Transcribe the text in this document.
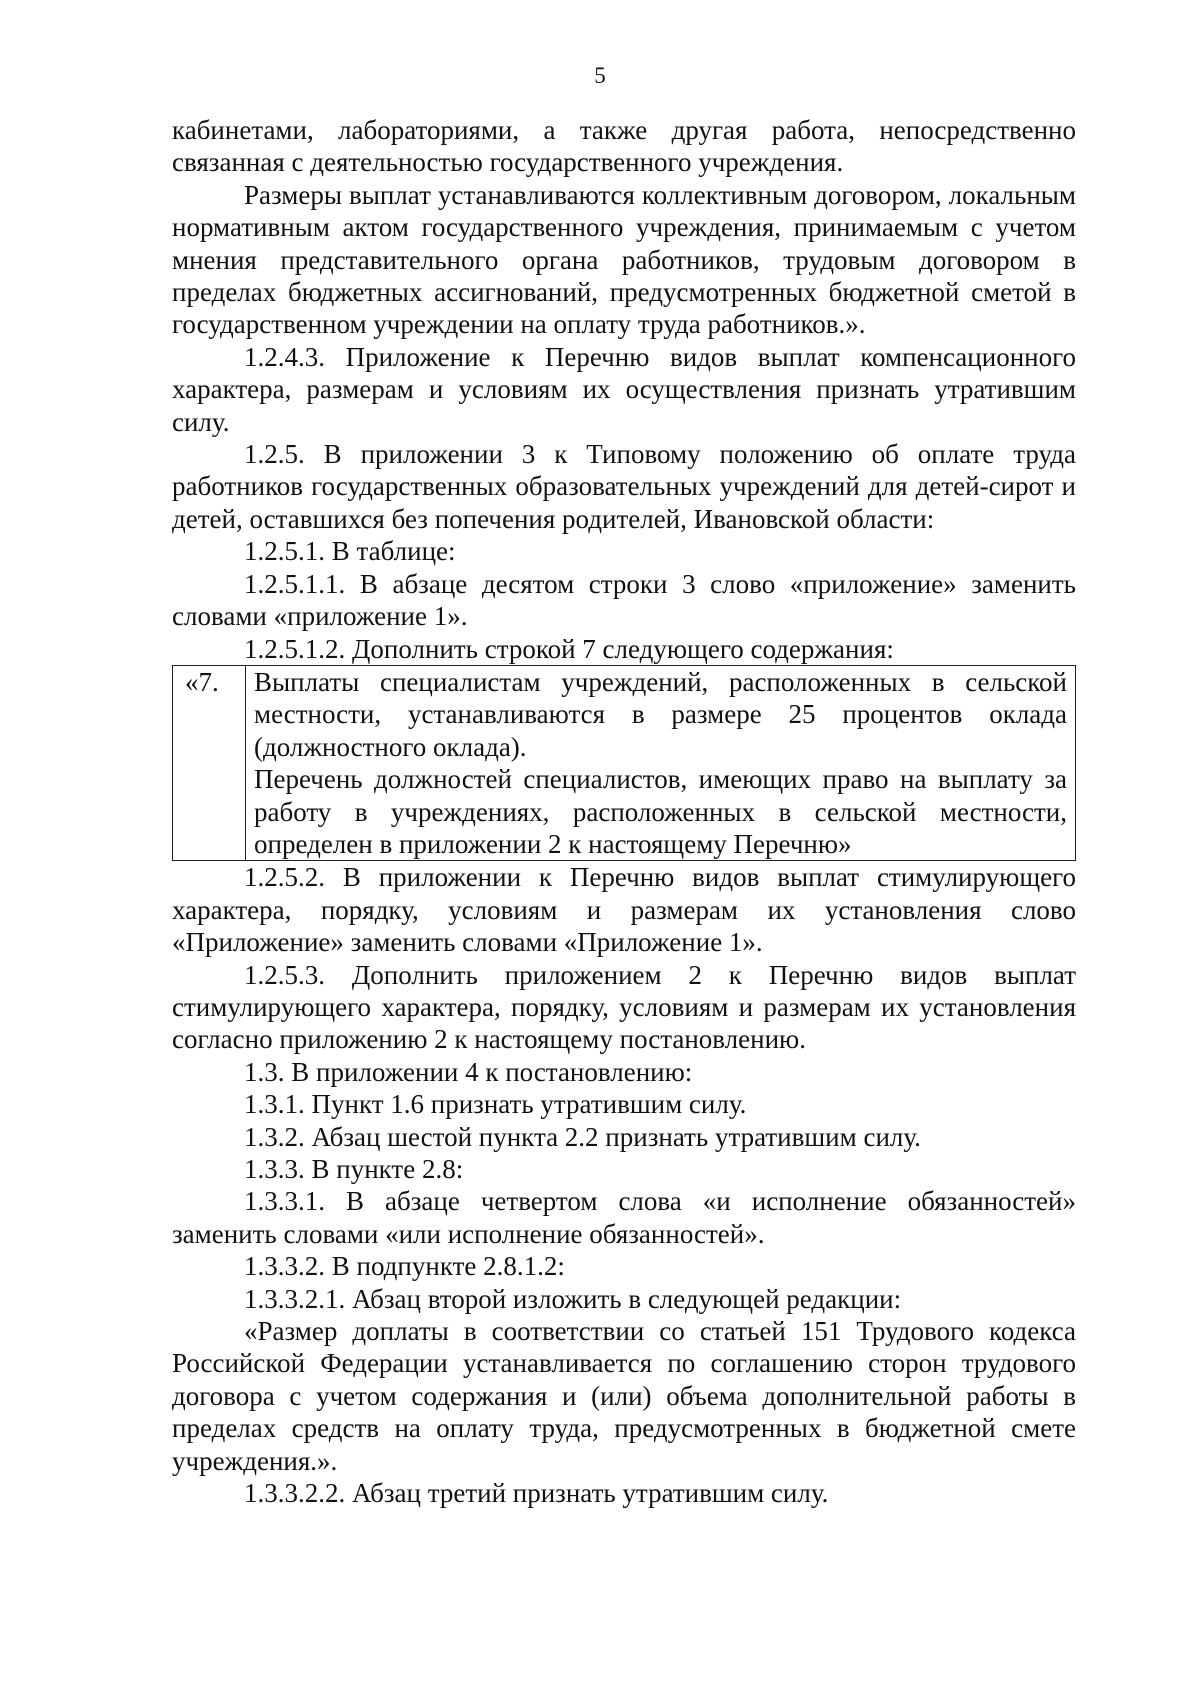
5

кабинетами, лабораториями, а также другая работа, непосредственно связанная с деятельностью государственного учреждения.

Размеры выплат устанавливаются коллективным договором, локальным нормативным актом государственного учреждения, принимаемым с учетом мнения представительного органа работников, трудовым договором в пределах бюджетных ассигнований, предусмотренных бюджетной сметой в государственном учреждении на оплату труда работников.».

1.2.4.3. Приложение к Перечню видов выплат компенсационного характера, размерам и условиям их осуществления признать утратившим силу.

1.2.5. В приложении 3 к Типовому положению об оплате труда работников государственных образовательных учреждений для детей-сирот и детей, оставшихся без попечения родителей, Ивановской области:

1.2.5.1. В таблице:

1.2.5.1.1. В абзаце десятом строки 3 слово «приложение» заменить словами «приложение 1».

1.2.5.1.2. Дополнить строкой 7 следующего содержания:

«7.	Выплаты специалистам учреждений, расположенных в сельской местности, устанавливаются в размере 25 процентов оклада (должностного оклада).

Перечень должностей специалистов, имеющих право на выплату за работу в учреждениях, расположенных в сельской местности, определен в приложении 2 к настоящему Перечню»

1.2.5.2. В приложении к Перечню видов выплат стимулирующего характера, порядку, условиям и размерам их установления слово «Приложение» заменить словами «Приложение 1».

1.2.5.3. Дополнить приложением 2 к Перечню видов выплат стимулирующего характера, порядку, условиям и размерам их установления согласно приложению 2 к настоящему постановлению.

1.3. В приложении 4 к постановлению:

1.3.1. Пункт 1.6 признать утратившим силу.

1.3.2. Абзац шестой пункта 2.2 признать утратившим силу.

1.3.3. В пункте 2.8:

1.3.3.1. В абзаце четвертом слова «и исполнение обязанностей» заменить словами «или исполнение обязанностей».

1.3.3.2. В подпункте 2.8.1.2:

1.3.3.2.1. Абзац второй изложить в следующей редакции:

«Размер доплаты в соответствии со статьей 151 Трудового кодекса Российской Федерации устанавливается по соглашению сторон трудового договора с учетом содержания и (или) объема дополнительной работы в пределах средств на оплату труда, предусмотренных в бюджетной смете учреждения.».

1.3.3.2.2. Абзац третий признать утратившим силу.
